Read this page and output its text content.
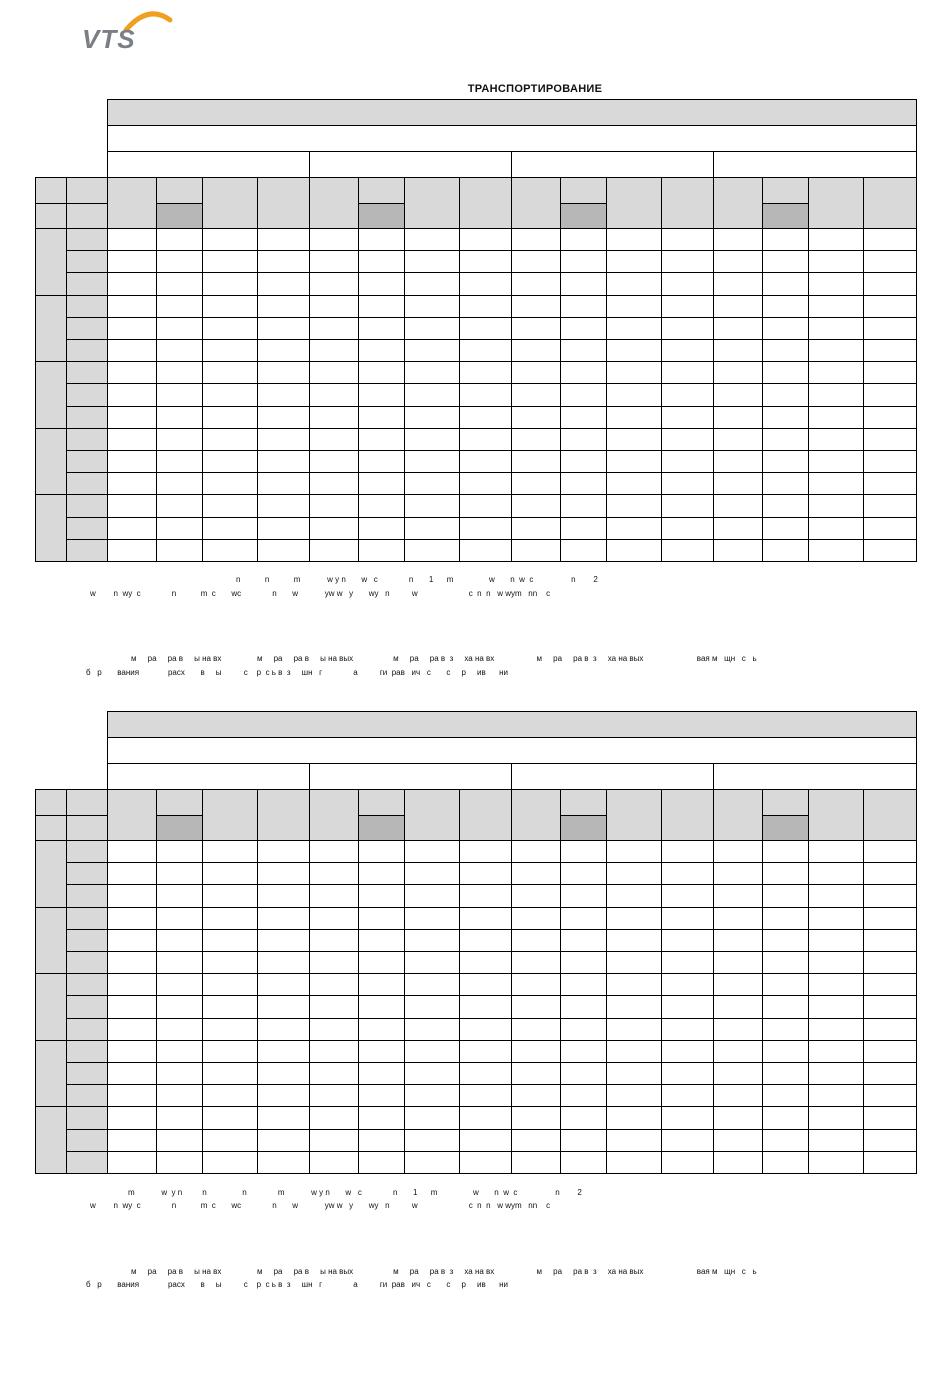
VTS
ТРАНСПОРТИРОВАНИЕ
n           n           m            w y n       w   c              n       1      m                w       n  w  c                 n        2
w        n  wy  c              n           m  c       wc              n       w            yw w   y       wy   n          w                       c  n  n   w wym   nn    c
м     ра     ра в     ы на вх                м     ра     ра в     ы на вых                  м     ра     ра в  з     ха на вх                   м     ра     ра в  з     ха на вых                        вая м   щн   с   ь
б   р       вания             расх       в     ы          с    р  с ь в  з     шн   г              а          ги  рав   ич   с       с     р     ив      ни
m            w  y n         n                n              m            w y n       w   c              n       1      m                w       n  w  c                 n        2
w        n  wy  c              n           m  c       wc              n       w            yw w   y       wy   n          w                       c  n  n   w wym   nn    c
м     ра     ра в     ы на вх                м     ра     ра в     ы на вых                  м     ра     ра в  з     ха на вх                   м     ра     ра в  з     ха на вых                        вая м   щн   с   ь
б   р       вания             расх       в     ы          с    р  с ь в  з     шн   г              а          ги  рав   ич   с       с     р     ив      ни
